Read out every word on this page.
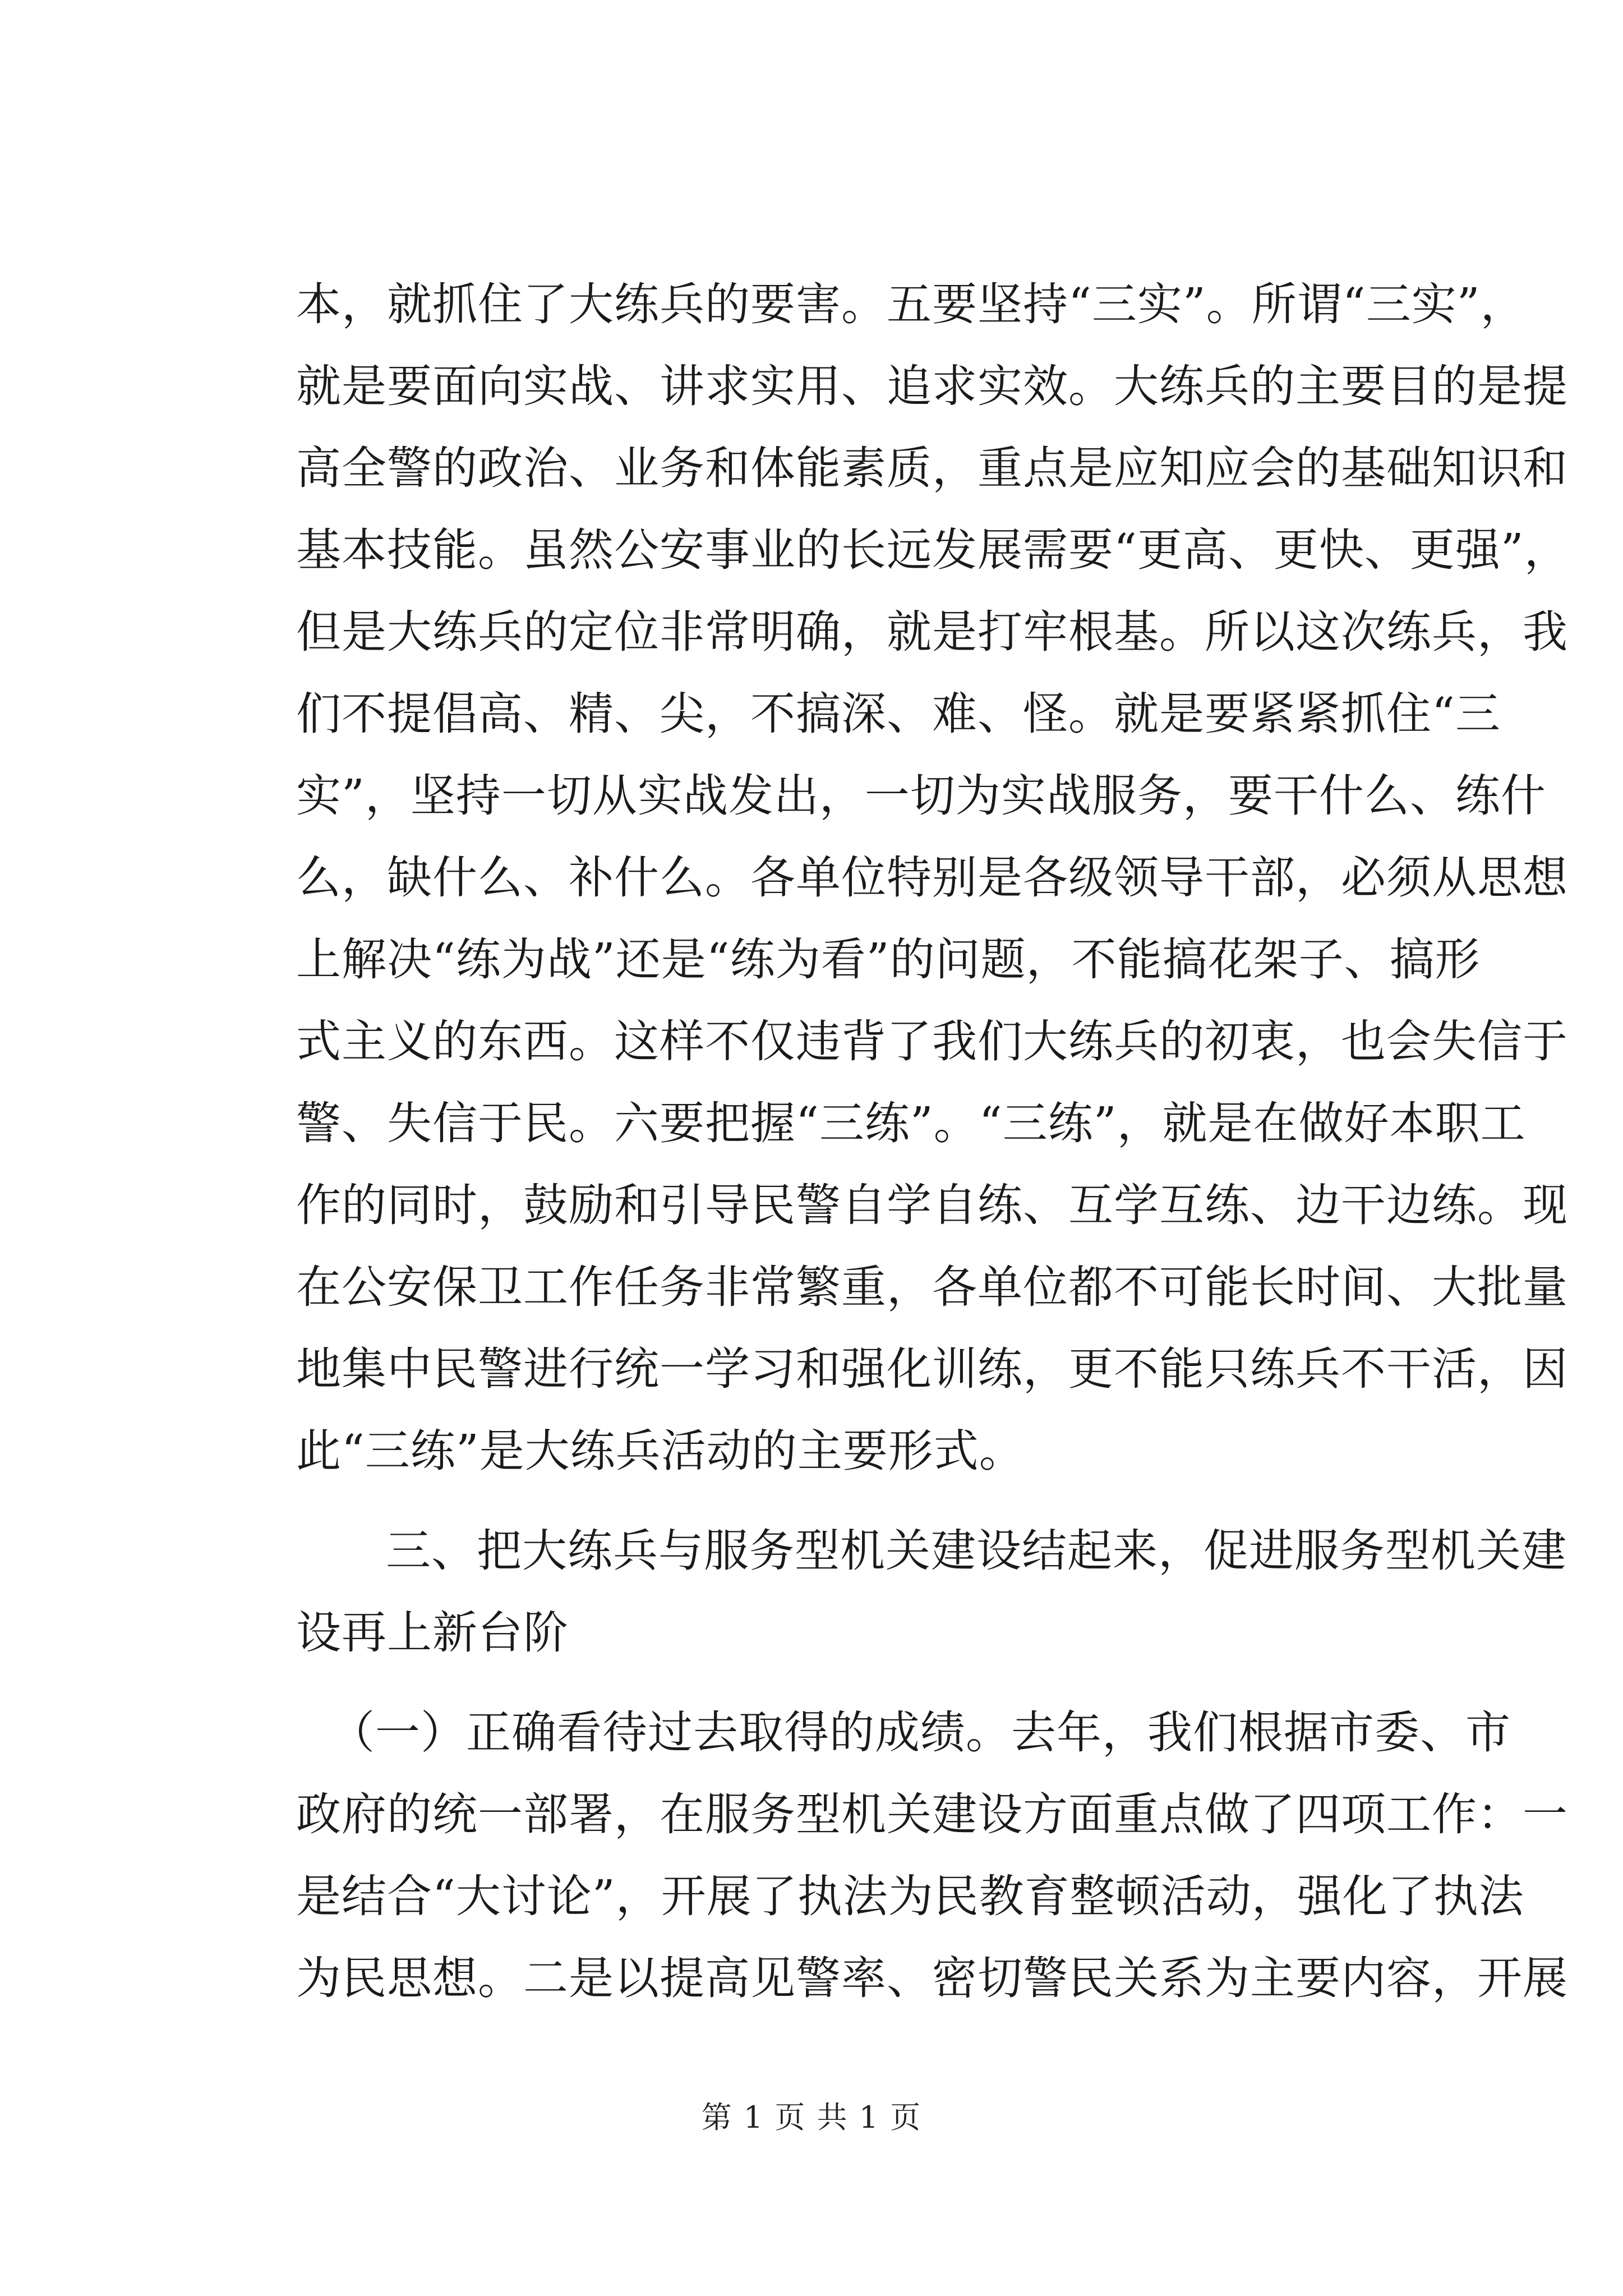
本，就抓住了大练兵的要害。五要坚持“三实”。所谓“三实”，
就是要面向实战、讲求实用、追求实效。大练兵的主要目的是提
高全警的政治、业务和体能素质，重点是应知应会的基础知识和
基本技能。虽然公安事业的长远发展需要“更高、更快、更强”，
但是大练兵的定位非常明确，就是打牢根基。所以这次练兵，我
们不提倡高、精、尖，不搞深、难、怪。就是要紧紧抓住“三
实”，坚持一切从实战发出，一切为实战服务，要干什么、练什
么，缺什么、补什么。各单位特别是各级领导干部，必须从思想
上解决“练为战”还是“练为看”的问题，不能搞花架子、搞形
式主义的东西。这样不仅违背了我们大练兵的初衷，也会失信于
警、失信于民。六要把握“三练”。“三练”，就是在做好本职工
作的同时，鼓励和引导民警自学自练、互学互练、边干边练。现
在公安保卫工作任务非常繁重，各单位都不可能长时间、大批量
地集中民警进行统一学习和强化训练，更不能只练兵不干活，因
此“三练”是大练兵活动的主要形式。
三、把大练兵与服务型机关建设结起来，促进服务型机关建
设再上新台阶
（一）正确看待过去取得的成绩。去年，我们根据市委、市
政府的统一部署，在服务型机关建设方面重点做了四项工作：一
是结合“大讨论”，开展了执法为民教育整顿活动，强化了执法
为民思想。二是以提高见警率、密切警民关系为主要内容，开展
第 1 页 共 1 页
